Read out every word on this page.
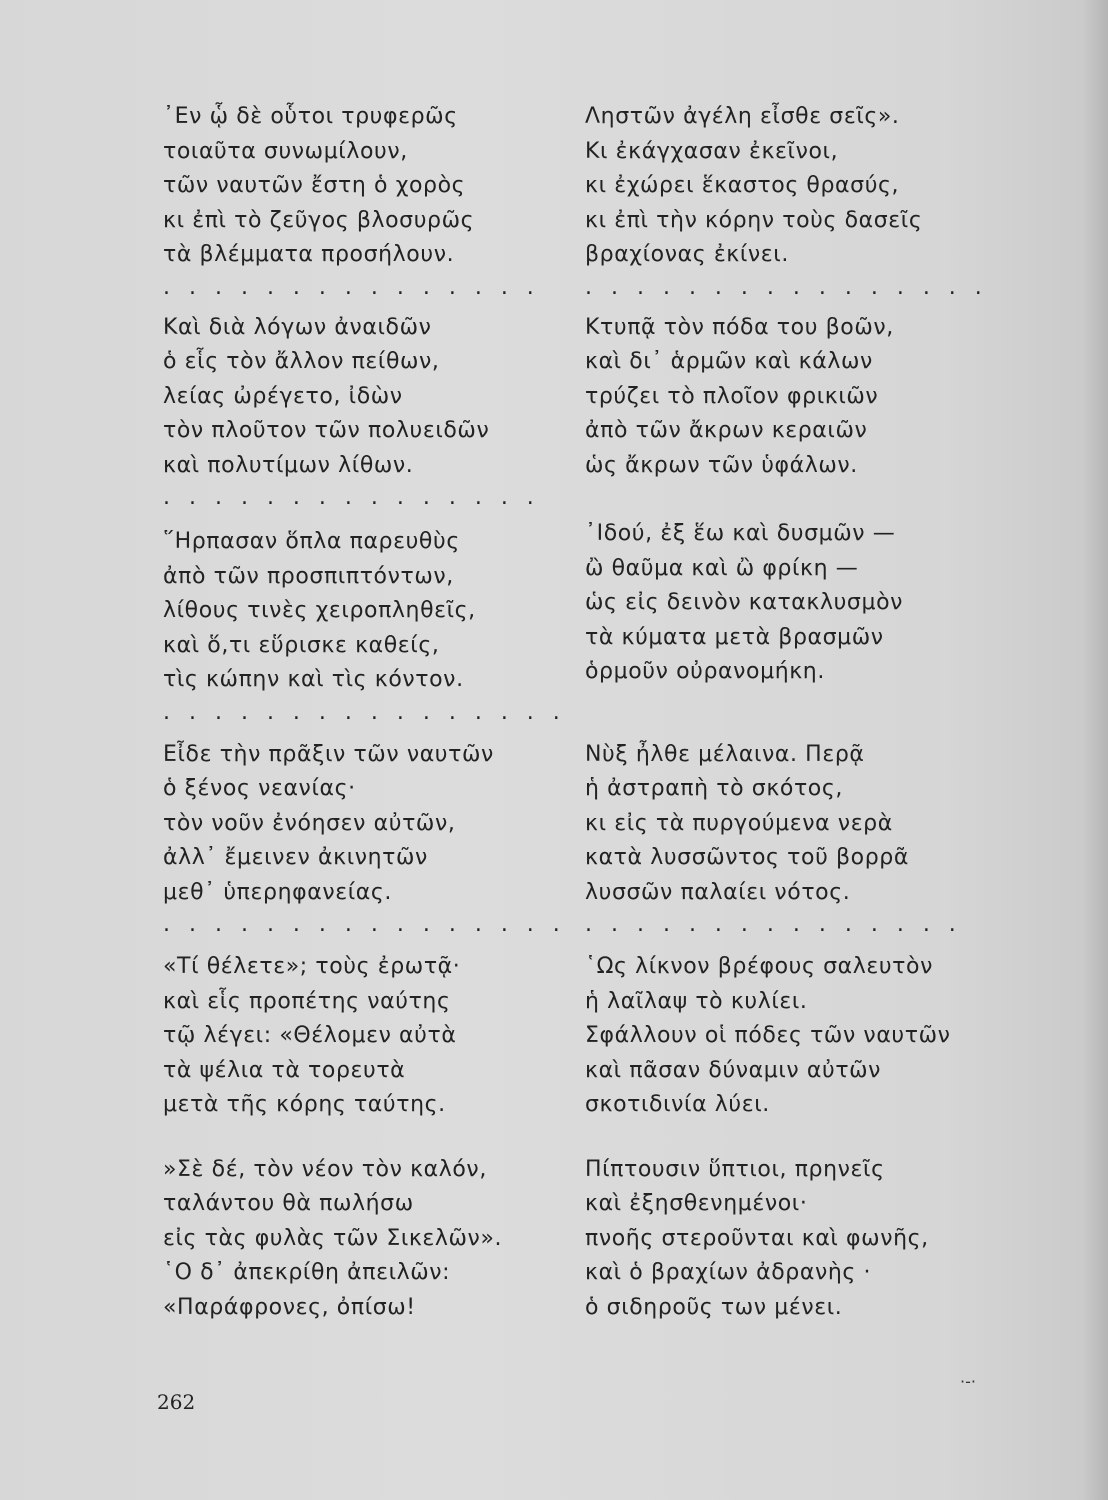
᾿Εν ᾧ δὲ οὗτοι τρυφερῶς
τοιαῦτα συνωμίλουν,
τῶν ναυτῶν ἔστη ὁ χορὸς
κι ἐπὶ τὸ ζεῦγος βλοσυρῶς
τὰ βλέμματα προσήλουν.
. . . . . . . . . . . . . . .
Καὶ διὰ λόγων ἀναιδῶν
ὁ εἷς τὸν ἄλλον πείθων,
λείας ὠρέγετο, ἰδὼν
τὸν πλοῦτον τῶν πολυειδῶν
καὶ πολυτίμων λίθων.
. . . . . . . . . . . . . . .
῞Ηρπασαν ὅπλα παρευθὺς
ἀπὸ τῶν προσπιπτόντων,
λίθους τινὲς χειροπληθεῖς,
καὶ ὅ,τι εὕρισκε καθείς,
τὶς κώπην καὶ τὶς κόντον.
. . . . . . . . . . . . . . . .
Εἶδε τὴν πρᾶξιν τῶν ναυτῶν
ὁ ξένος νεανίας·
τὸν νοῦν ἐνόησεν αὐτῶν,
ἀλλ᾿ ἔμεινεν ἀκινητῶν
μεθ᾿ ὑπερηφανείας.
. . . . . . . . . . . . . . . .
«Τί θέλετε»; τοὺς ἐρωτᾷ·
καὶ εἷς προπέτης ναύτης
τῷ λέγει: «Θέλομεν αὐτὰ
τὰ ψέλια τὰ τορευτὰ
μετὰ τῆς κόρης ταύτης.
»Σὲ δέ, τὸν νέον τὸν καλόν,
ταλάντου θὰ πωλήσω
εἰς τὰς φυλὰς τῶν Σικελῶν».
῾Ο δ᾿ ἀπεκρίθη ἀπειλῶν:
«Παράφρονες, ὀπίσω!
Ληστῶν ἀγέλη εἶσθε σεῖς».
Κι ἐκάγχασαν ἐκεῖνοι,
κι ἐχώρει ἕκαστος θρασύς,
κι ἐπὶ τὴν κόρην τοὺς δασεῖς
βραχίονας ἐκίνει.
. . . . . . . . . . . . . . . .
Κτυπᾷ τὸν πόδα του βοῶν,
καὶ δι᾿ ἁρμῶν καὶ κάλων
τρύζει τὸ πλοῖον φρικιῶν
ἀπὸ τῶν ἄκρων κεραιῶν
ὡς ἄκρων τῶν ὑφάλων.
᾿Ιδού, ἐξ ἕω καὶ δυσμῶν —
ὢ θαῦμα καὶ ὢ φρίκη —
ὡς εἰς δεινὸν κατακλυσμὸν
τὰ κύματα μετὰ βρασμῶν
ὁρμοῦν οὐρανομήκη.
Νὺξ ἦλθε μέλαινα. Περᾷ
ἡ ἀστραπὴ τὸ σκότος,
κι εἰς τὰ πυργούμενα νερὰ
κατὰ λυσσῶντος τοῦ βορρᾶ
λυσσῶν παλαίει νότος.
. . . . . . . . . . . . . . .
῾Ως λίκνον βρέφους σαλευτὸν
ἡ λαῖλαψ τὸ κυλίει.
Σφάλλουν οἱ πόδες τῶν ναυτῶν
καὶ πᾶσαν δύναμιν αὐτῶν
σκοτιδινία λύει.
Πίπτουσιν ὕπτιοι, πρηνεῖς
καὶ ἐξησθενημένοι·
πνοῆς στεροῦνται καὶ φωνῆς,
καὶ ὁ βραχίων ἀδρανὴς ·
ὁ σιδηροῦς των μένει.
262
·-·
